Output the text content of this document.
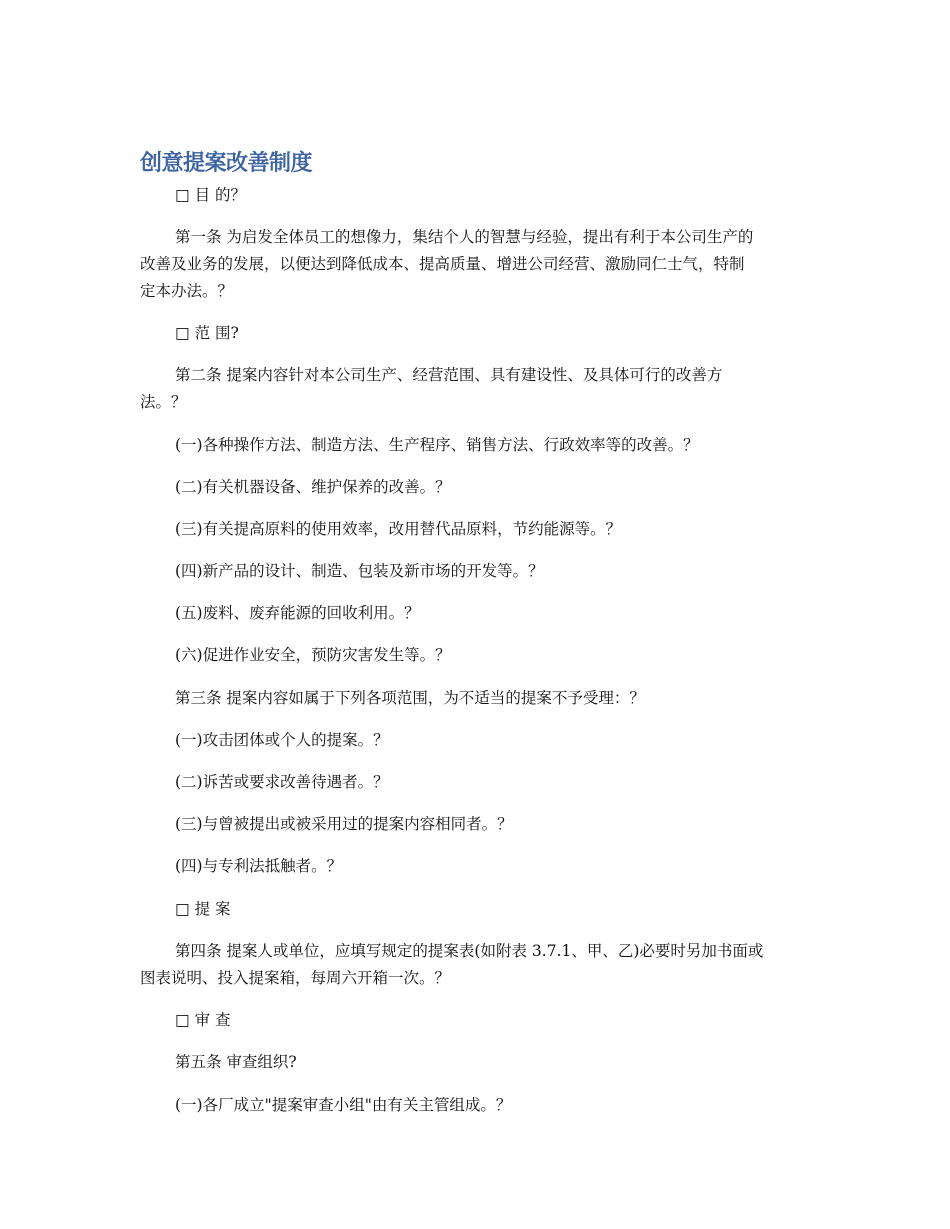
创意提案改善制度
□ 目 的？
第一条 为启发全体员工的想像力，集结个人的智慧与经验，提出有利于本公司生产的
改善及业务的发展，以便达到降低成本、提高质量、增进公司经营、激励同仁士气，特制
定本办法。？
□ 范 围?
第二条 提案内容针对本公司生产、经营范围、具有建设性、及具体可行的改善方
法。？
(一)各种操作方法、制造方法、生产程序、销售方法、行政效率等的改善。？
(二)有关机器设备、维护保养的改善。？
(三)有关提高原料的使用效率，改用替代品原料，节约能源等。？
(四)新产品的设计、制造、包装及新市场的开发等。？
(五)废料、废弃能源的回收利用。？
(六)促进作业安全，预防灾害发生等。？
第三条 提案内容如属于下列各项范围，为不适当的提案不予受理：？
(一)攻击团体或个人的提案。？
(二)诉苦或要求改善待遇者。？
(三)与曾被提出或被采用过的提案内容相同者。？
(四)与专利法抵触者。？
□ 提 案
第四条 提案人或单位，应填写规定的提案表(如附表 3.7.1、甲、乙)必要时另加书面或
图表说明、投入提案箱，每周六开箱一次。？
□ 审 查
第五条 审查组织?
(一)各厂成立"提案审查小组"由有关主管组成。？
